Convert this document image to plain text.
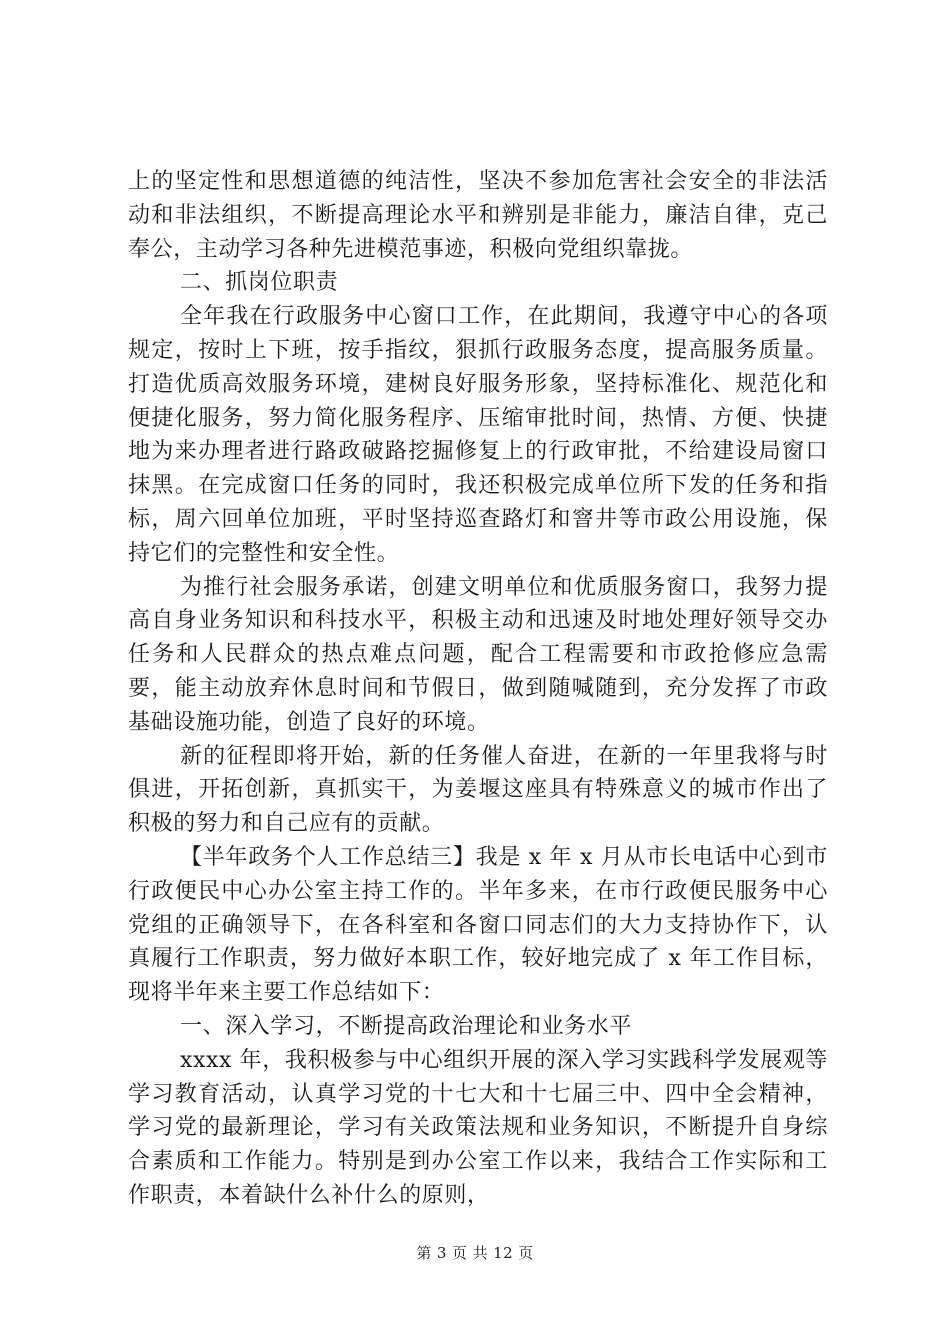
上的坚定性和思想道德的纯洁性，坚决不参加危害社会安全的非法活动和非法组织，不断提高理论水平和辨别是非能力，廉洁自律，克己奉公，主动学习各种先进模范事迹，积极向党组织靠拢。

二、抓岗位职责

全年我在行政服务中心窗口工作，在此期间，我遵守中心的各项规定，按时上下班，按手指纹，狠抓行政服务态度，提高服务质量。打造优质高效服务环境，建树良好服务形象，坚持标准化、规范化和便捷化服务，努力简化服务程序、压缩审批时间，热情、方便、快捷地为来办理者进行路政破路挖掘修复上的行政审批，不给建设局窗口抹黑。在完成窗口任务的同时，我还积极完成单位所下发的任务和指标，周六回单位加班，平时坚持巡查路灯和窨井等市政公用设施，保持它们的完整性和安全性。

为推行社会服务承诺，创建文明单位和优质服务窗口，我努力提高自身业务知识和科技水平，积极主动和迅速及时地处理好领导交办任务和人民群众的热点难点问题，配合工程需要和市政抢修应急需要，能主动放弃休息时间和节假日，做到随喊随到，充分发挥了市政基础设施功能，创造了良好的环境。

新的征程即将开始，新的任务催人奋进，在新的一年里我将与时俱进，开拓创新，真抓实干，为姜堰这座具有特殊意义的城市作出了积极的努力和自己应有的贡献。

【半年政务个人工作总结三】我是 x 年 x 月从市长电话中心到市行政便民中心办公室主持工作的。半年多来，在市行政便民服务中心党组的正确领导下，在各科室和各窗口同志们的大力支持协作下，认真履行工作职责，努力做好本职工作，较好地完成了 x 年工作目标，现将半年来主要工作总结如下：

一、深入学习，不断提高政治理论和业务水平

xxxx 年，我积极参与中心组织开展的深入学习实践科学发展观等学习教育活动，认真学习党的十七大和十七届三中、四中全会精神，学习党的最新理论，学习有关政策法规和业务知识，不断提升自身综合素质和工作能力。特别是到办公室工作以来，我结合工作实际和工作职责，本着缺什么补什么的原则，

第 3 页 共 12 页
